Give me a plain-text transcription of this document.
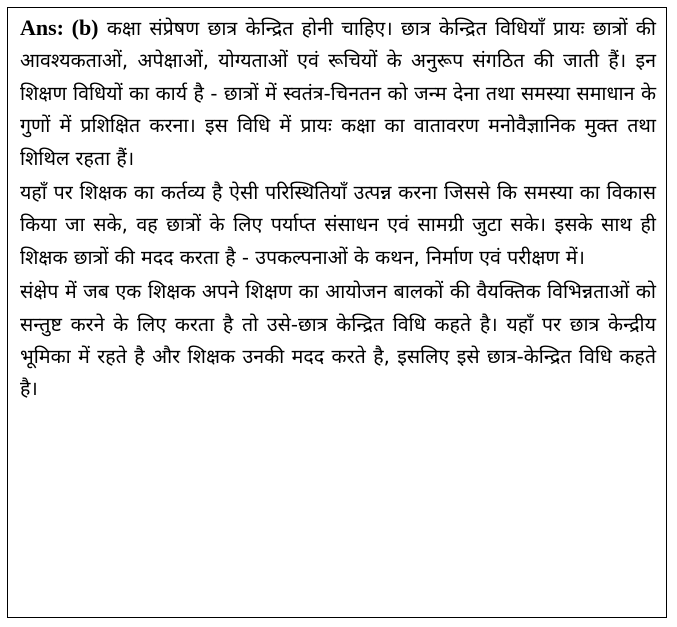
Ans: (b) कक्षा संप्रेषण छात्र केन्द्रित होनी चाहिए। छात्र केन्द्रित विधियाँ प्रायः छात्रों की आवश्यकताओं, अपेक्षाओं, योग्यताओं एवं रूचियों के अनुरूप संगठित की जाती हैं। इन शिक्षण विधियों का कार्य है - छात्रों में स्वतंत्र-चिनतन को जन्म देना तथा समस्या समाधान के गुणों में प्रशिक्षित करना। इस विधि में प्रायः कक्षा का वातावरण मनोवैज्ञानिक मुक्त तथा शिथिल रहता हैं।

यहाँ पर शिक्षक का कर्तव्य है ऐसी परिस्थितियाँ उत्पन्न करना जिससे कि समस्या का विकास किया जा सके, वह छात्रों के लिए पर्याप्त संसाधन एवं सामग्री जुटा सके। इसके साथ ही शिक्षक छात्रों की मदद करता है - उपकल्पनाओं के कथन, निर्माण एवं परीक्षण में।

संक्षेप में जब एक शिक्षक अपने शिक्षण का आयोजन बालकों की वैयक्तिक विभिन्नताओं को सन्तुष्ट करने के लिए करता है तो उसे-छात्र केन्द्रित विधि कहते है। यहाँ पर छात्र केन्द्रीय भूमिका में रहते है और शिक्षक उनकी मदद करते है, इसलिए इसे छात्र-केन्द्रित विधि कहते है।
